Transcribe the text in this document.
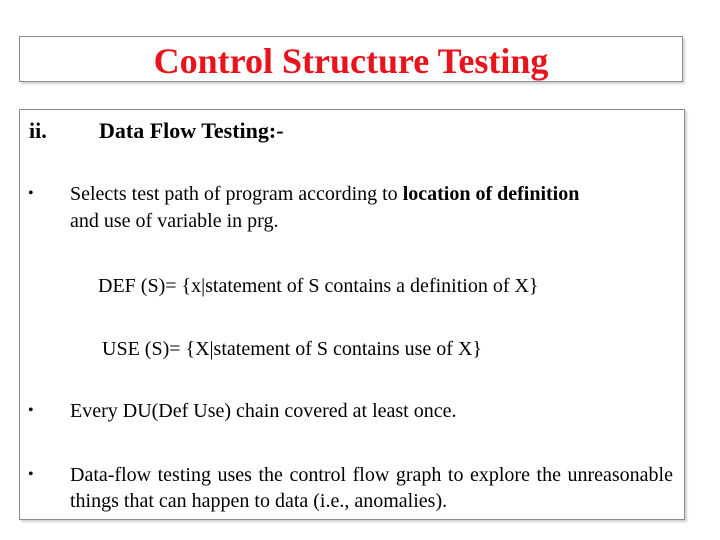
Control Structure Testing
ii. Data Flow Testing:-
• Selects test path of program according to location of definition
and use of variable in prg.
DEF (S)= {x|statement of S contains a definition of X}
USE (S)= {X|statement of S contains use of X}
• Every DU(Def Use) chain covered at least once.
• Data-flow testing uses the control flow graph to explore the unreasonable things that can happen to data (i.e., anomalies).
